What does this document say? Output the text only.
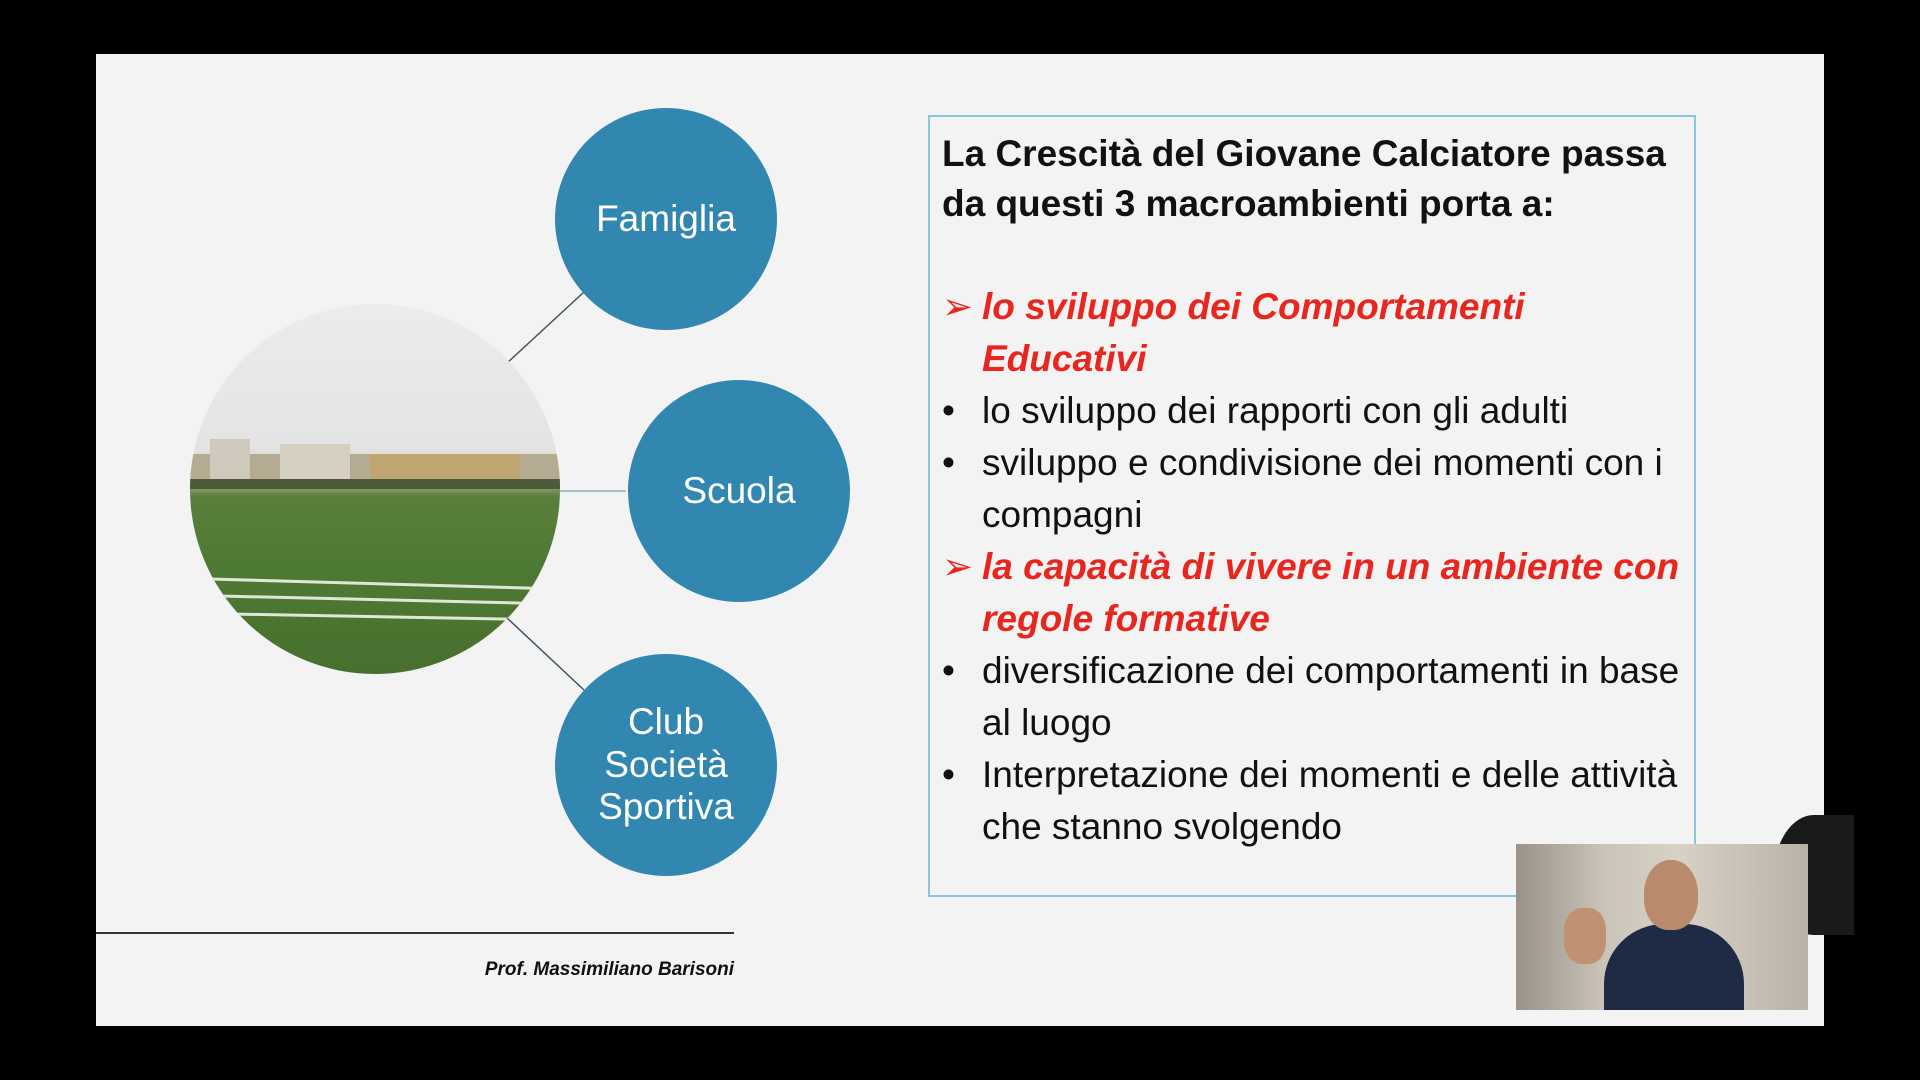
Famiglia
Scuola
Club
Società
Sportiva
La Crescità del Giovane Calciatore passa da questi 3 macroambienti porta a:
➢ lo sviluppo dei Comportamenti Educativi
• lo sviluppo dei rapporti con gli adulti
• sviluppo e condivisione dei momenti con i compagni
➢ la capacità di vivere in un ambiente con regole formative
• diversificazione dei comportamenti in base al luogo
• Interpretazione dei momenti e delle attività che stanno svolgendo
Prof. Massimiliano Barisoni
